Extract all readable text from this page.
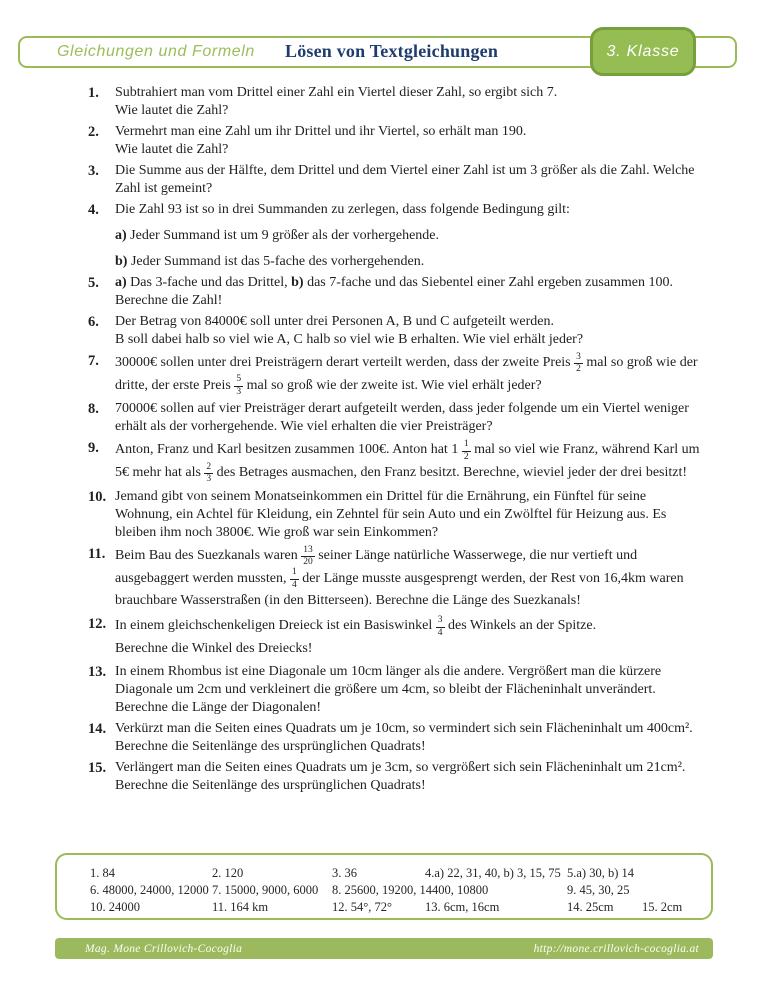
Gleichungen und Formeln Lösen von Textgleichungen	3. Klasse
1.	Subtrahiert man vom Drittel einer Zahl ein Viertel dieser Zahl, so ergibt sich 7.
Wie lautet die Zahl?
2.	Vermehrt man eine Zahl um ihr Drittel und ihr Viertel, so erhält man 190.
Wie lautet die Zahl?
3.	Die Summe aus der Hälfte, dem Drittel und dem Viertel einer Zahl ist um 3 größer als die Zahl. Welche Zahl ist gemeint?
4.	Die Zahl 93 ist so in drei Summanden zu zerlegen, dass folgende Bedingung gilt:
a) Jeder Summand ist um 9 größer als der vorhergehende.
b) Jeder Summand ist das 5-fache des vorhergehenden.
5.	a) Das 3-fache und das Drittel, b) das 7-fache und das Siebentel einer Zahl ergeben zusammen 100. Berechne die Zahl!
6.	Der Betrag von 84000€ soll unter drei Personen A, B und C aufgeteilt werden.
B soll dabei halb so viel wie A, C halb so viel wie B erhalten. Wie viel erhält jeder?
7.	30000€ sollen unter drei Preisträgern derart verteilt werden, dass der zweite Preis $\frac{3}{2}$ mal so groß wie der dritte, der erste Preis $\frac{5}{3}$ mal so groß wie der zweite ist. Wie viel erhält jeder?
8.	70000€ sollen auf vier Preisträger derart aufgeteilt werden, dass jeder folgende um ein Viertel weniger erhält als der vorhergehende. Wie viel erhalten die vier Preisträger?
9.	Anton, Franz und Karl besitzen zusammen 100€. Anton hat $1 \frac{1}{2}$ mal so viel wie Franz, während Karl um 5€ mehr hat als $\frac{2}{3}$ des Betrages ausmachen, den Franz besitzt. Berechne, wieviel jeder der drei besitzt!
10. Jemand gibt von seinem Monatseinkommen ein Drittel für die Ernährung, ein Fünftel für seine Wohnung, ein Achtel für Kleidung, ein Zehntel für sein Auto und ein Zwölftel für Heizung aus. Es bleiben ihm noch 3800€. Wie groß war sein Einkommen?
11. Beim Bau des Suezkanals waren $\frac{13}{20}$ seiner Länge natürliche Wasserwege, die nur vertieft und ausgebaggert werden mussten, $\frac{1}{4}$ der Länge musste ausgesprengt werden, der Rest von 16,4km waren brauchbare Wasserstraßen (in den Bitterseen). Berechne die Länge des Suezkanals!
12. In einem gleichschenkeligen Dreieck ist ein Basiswinkel $\frac{3}{4}$ des Winkels an der Spitze.
Berechne die Winkel des Dreiecks!
13. In einem Rhombus ist eine Diagonale um 10cm länger als die andere. Vergrößert man die kürzere Diagonale um 2cm und verkleinert die größere um 4cm, so bleibt der Flächeninhalt unverändert. Berechne die Länge der Diagonalen!
14. Verkürzt man die Seiten eines Quadrats um je 10cm, so vermindert sich sein Flächeninhalt um 400cm². Berechne die Seitenlänge des ursprünglichen Quadrats!
15. Verlängert man die Seiten eines Quadrats um je 3cm, so vergrößert sich sein Flächeninhalt um 21cm². Berechne die Seitenlänge des ursprünglichen Quadrats!
1. 84	2. 120	3. 36	4.a) 22, 31, 40, b) 3, 15, 75 5.a) 30, b) 14
6. 48000, 24000, 12000 7. 15000, 9000, 6000 8. 25600, 19200, 14400, 10800	9. 45, 30, 25
10. 24000	11. 164 km	12. 54°, 72°	13. 6cm, 16cm	14. 25cm 15. 2cm
Mag. Mone Crillovich-Cocoglia	http://mone.crillovich-cocoglia.at
